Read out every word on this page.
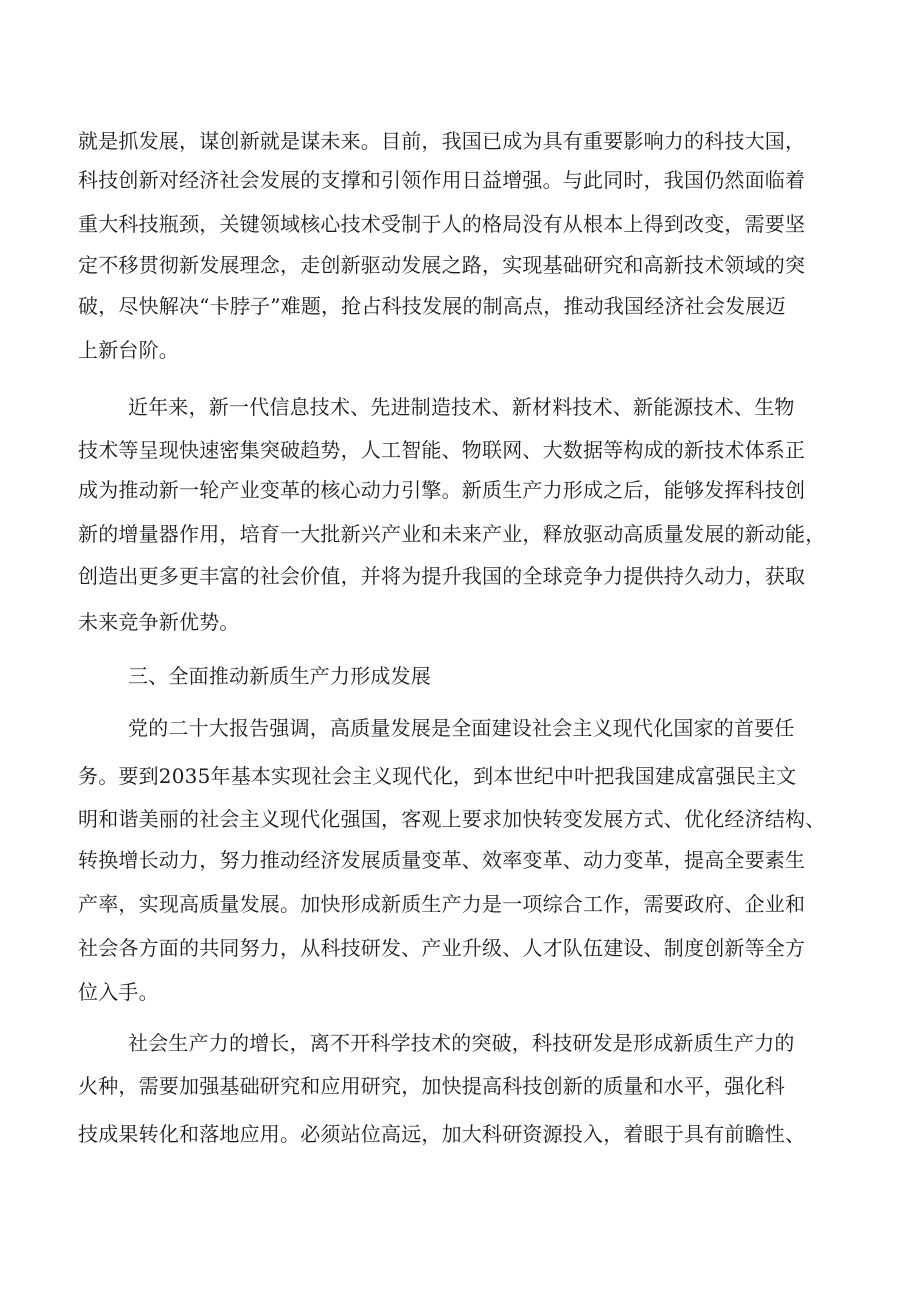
就是抓发展，谋创新就是谋未来。目前，我国已成为具有重要影响力的科技大国，
科技创新对经济社会发展的支撑和引领作用日益增强。与此同时，我国仍然面临着
重大科技瓶颈，关键领域核心技术受制于人的格局没有从根本上得到改变，需要坚
定不移贯彻新发展理念，走创新驱动发展之路，实现基础研究和高新技术领域的突
破，尽快解决“卡脖子”难题，抢占科技发展的制高点，推动我国经济社会发展迈
上新台阶。
近年来，新一代信息技术、先进制造技术、新材料技术、新能源技术、生物
技术等呈现快速密集突破趋势，人工智能、物联网、大数据等构成的新技术体系正
成为推动新一轮产业变革的核心动力引擎。新质生产力形成之后，能够发挥科技创
新的增量器作用，培育一大批新兴产业和未来产业，释放驱动高质量发展的新动能，
创造出更多更丰富的社会价值，并将为提升我国的全球竞争力提供持久动力，获取
未来竞争新优势。
三、全面推动新质生产力形成发展
党的二十大报告强调，高质量发展是全面建设社会主义现代化国家的首要任
务。要到2035年基本实现社会主义现代化，到本世纪中叶把我国建成富强民主文
明和谐美丽的社会主义现代化强国，客观上要求加快转变发展方式、优化经济结构、
转换增长动力，努力推动经济发展质量变革、效率变革、动力变革，提高全要素生
产率，实现高质量发展。加快形成新质生产力是一项综合工作，需要政府、企业和
社会各方面的共同努力，从科技研发、产业升级、人才队伍建设、制度创新等全方
位入手。
社会生产力的增长，离不开科学技术的突破，科技研发是形成新质生产力的
火种，需要加强基础研究和应用研究，加快提高科技创新的质量和水平，强化科
技成果转化和落地应用。必须站位高远，加大科研资源投入，着眼于具有前瞻性、
